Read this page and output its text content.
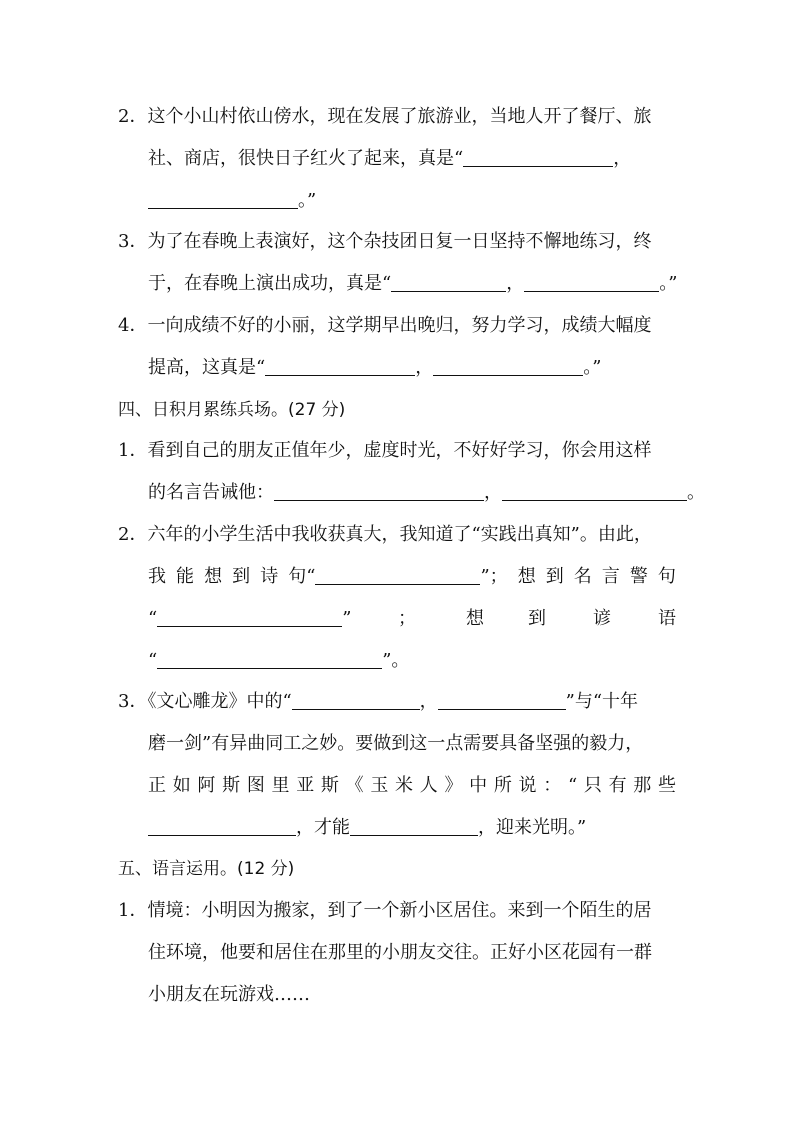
2．这个小山村依山傍水，现在发展了旅游业，当地人开了餐厅、旅
社、商店，很快日子红火了起来，真是“	，
。”
3．为了在春晚上表演好，这个杂技团日复一日坚持不懈地练习，终
于，在春晚上演出成功，真是“	，	。”
4．一向成绩不好的小丽，这学期早出晚归，努力学习，成绩大幅度
提高，这真是“	，	。”
四、日积月累练兵场。(27 分)
1．看到自己的朋友正值年少，虚度时光，不好好学习，你会用这样
的名言告诫他：	，	。
2．六年的小学生活中我收获真大，我知道了“实践出真知”。由此，
我 能 想 到 诗 句“	”； 想 到 名 言 警 句
“	”	；	想 到	谚	语
“	”。
3．《文心雕龙》中的“	，	”与“十年
磨一剑”有异曲同工之妙。要做到这一点需要具备坚强的毅力，
正 如 阿 斯 图 里 亚 斯 《 玉 米 人 》 中 所 说 ： “ 只 有 那 些
，才能	，迎来光明。”
五、语言运用。(12 分)
1．情境：小明因为搬家，到了一个新小区居住。来到一个陌生的居
住环境，他要和居住在那里的小朋友交往。正好小区花园有一群
小朋友在玩游戏……
